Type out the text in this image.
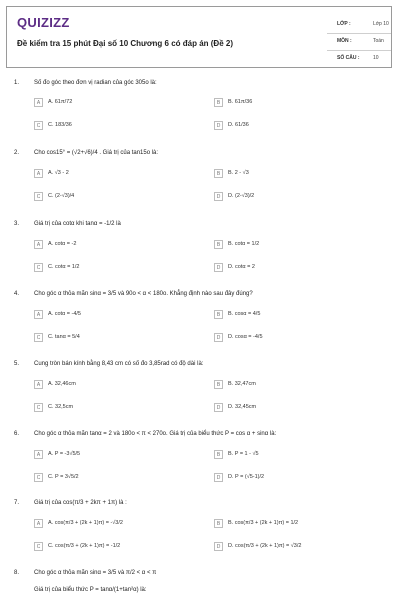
QUIZIZZ
Đề kiểm tra 15 phút Đại số 10 Chương 6 có đáp án (Đề 2)
LỚP :	Lớp 10
MÔN :	Toán
SỐ CÂU :	10
1. Số đo góc theo đơn vị radian của góc 305o là:
A	A. 61π/72	B	B. 61π/36
C	C. 183/36	D	D. 61/36
2. Cho cos15° = (√2+√6)/4 . Giá trị của tan15o là:
A	A. √3 - 2	B	B. 2 - √3
C	C. (2-√3)/4	D	D. (2-√3)/2
3. Giá trị của cotα khi tanα = -1/2 là
A	A. cotα = -2	B	B. cotα = 1/2
C	C. cotα = 1/2	D	D. cotα = 2
4. Cho góc α thỏa mãn sinα = 3/5 và 90o < α < 180o. Khẳng định nào sau đây đúng?
A	A. cotα = -4/5	B	B. cosα = 4/5
C	C. tanα = 5/4	D	D. cosα = -4/5
5. Cung tròn bán kính bằng 8,43 cm có số đo 3,85rad có độ dài là:
A	A. 32,46cm	B	B. 32,47cm
C	C. 32,5cm	D	D. 32,45cm
6. Cho góc α thỏa mãn tanα = 2 và 180o < π < 270o. Giá trị của biểu thức P = cos α + sinα là:
A	A. P = -3√5/5	B	B. P = 1 - √5
C	C. P = 3√5/2	D	D. P = (√5-1)/2
7. Giá trị của cos(π/3 + 2kπ + 1π) là :
A	A. cos(π/3 + (2k + 1)π) = -√3/2	B	B. cos(π/3 + (2k + 1)π) = 1/2
C	C. cos(π/3 + (2k + 1)π) = -1/2	D	D. cos(π/3 + (2k + 1)π) = √3/2
8. Cho góc α thỏa mãn sinα = 3/5 và π/2 < α < π
Giá trị của biểu thức P = tanα/(1+tan²α) là:
